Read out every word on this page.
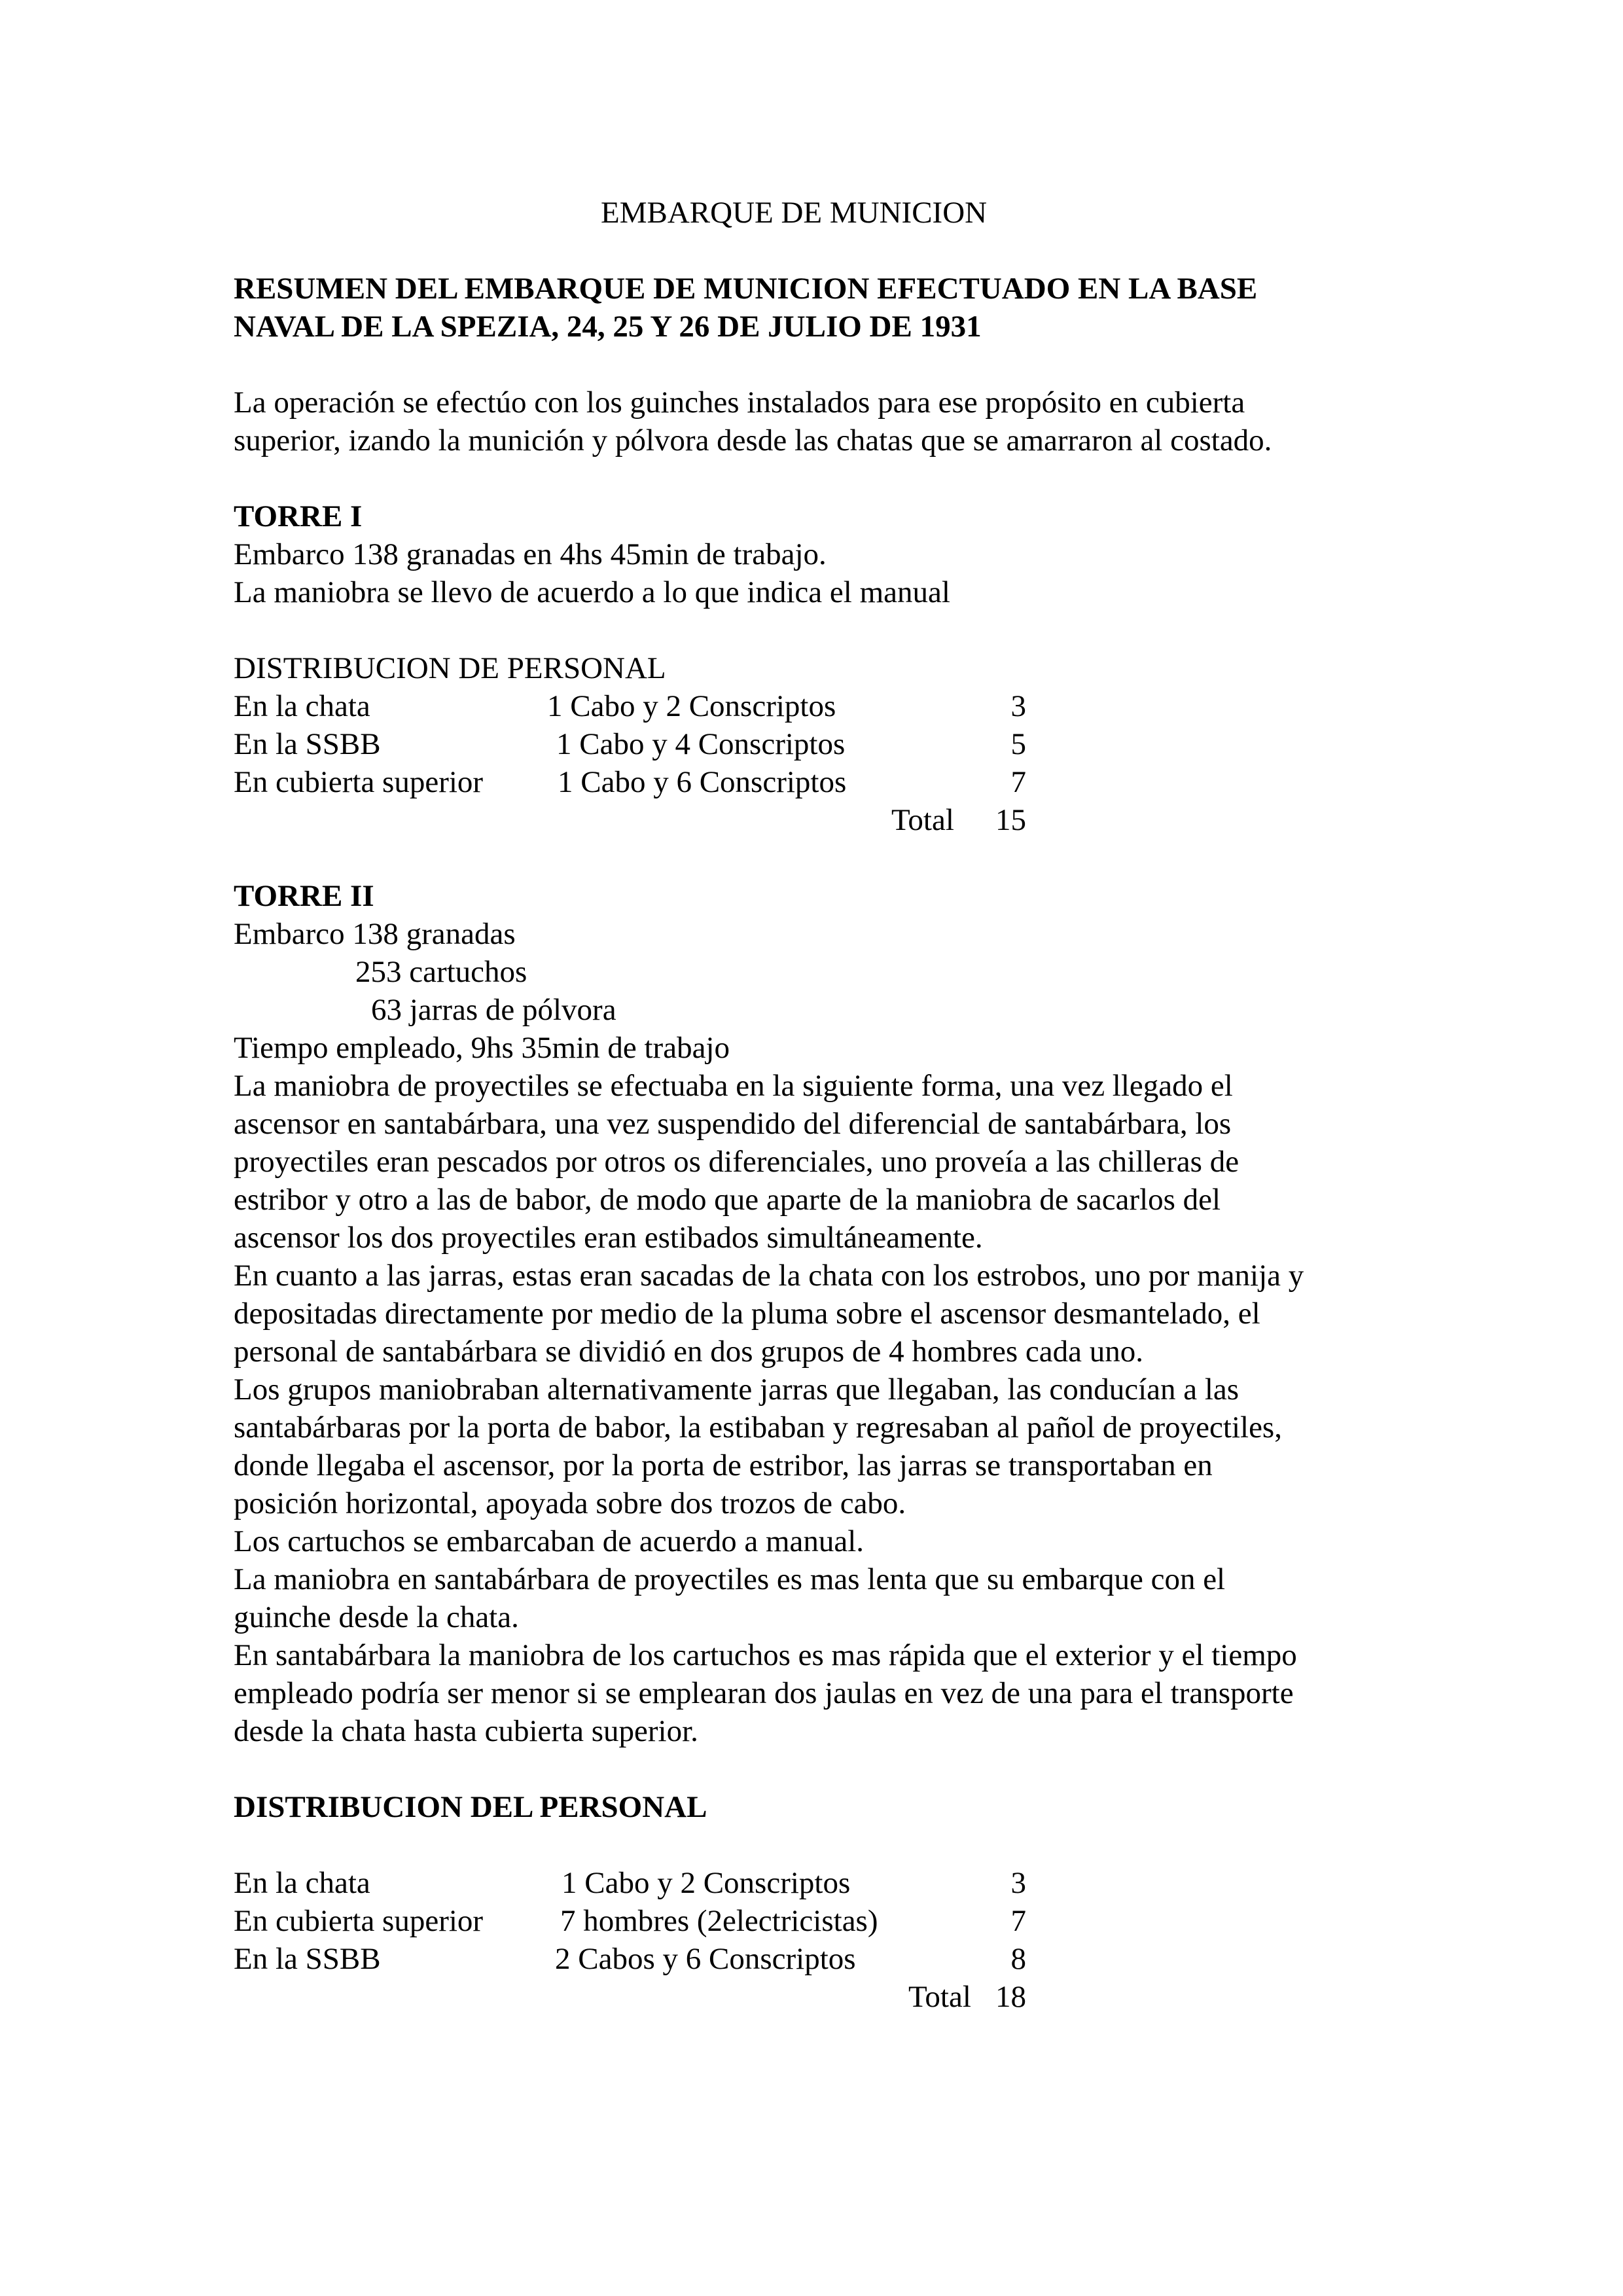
EMBARQUE DE MUNICION

RESUMEN DEL EMBARQUE DE MUNICION EFECTUADO EN LA BASE

NAVAL DE LA SPEZIA, 24, 25 Y 26 DE JULIO DE 1931

La operación se efectúo con los guinches instalados para ese propósito en cubierta

superior, izando la munición y pólvora desde las chatas que se amarraron al costado.

TORRE I

Embarco 138 granadas en 4hs 45min de trabajo.

La maniobra se llevo de acuerdo a lo que indica el manual

DISTRIBUCION DE PERSONAL

En la chata	1 Cabo y 2 Conscriptos	3

En la SSBB	1 Cabo y 4 Conscriptos	5

En cubierta superior 1 Cabo y 6 Conscriptos	7

Total 15

TORRE II

Embarco 138 granadas

253 cartuchos

63 jarras de pólvora

Tiempo empleado, 9hs 35min de trabajo

La maniobra de proyectiles se efectuaba en la siguiente forma, una vez llegado el

ascensor en santabárbara, una vez suspendido del diferencial de santabárbara, los

proyectiles eran pescados por otros os diferenciales, uno proveía a las chilleras de

estribor y otro a las de babor, de modo que aparte de la maniobra de sacarlos del

ascensor los dos proyectiles eran estibados simultáneamente.

En cuanto a las jarras, estas eran sacadas de la chata con los estrobos, uno por manija y

depositadas directamente por medio de la pluma sobre el ascensor desmantelado, el

personal de santabárbara se dividió en dos grupos de 4 hombres cada uno.

Los grupos maniobraban alternativamente jarras que llegaban, las conducían a las

santabárbaras por la porta de babor, la estibaban y regresaban al pañol de proyectiles,

donde llegaba el ascensor, por la porta de estribor, las jarras se transportaban en

posición horizontal, apoyada sobre dos trozos de cabo.

Los cartuchos se embarcaban de acuerdo a manual.

La maniobra en santabárbara de proyectiles es mas lenta que su embarque con el

guinche desde la chata.

En santabárbara la maniobra de los cartuchos es mas rápida que el exterior y el tiempo

empleado podría ser menor si se emplearan dos jaulas en vez de una para el transporte

desde la chata hasta cubierta superior.

DISTRIBUCION DEL PERSONAL

En la chata	1 Cabo y 2 Conscriptos	3

En cubierta superior	7 hombres (2electricistas)	7

En la SSBB	2 Cabos y 6 Conscriptos	8

Total 18
